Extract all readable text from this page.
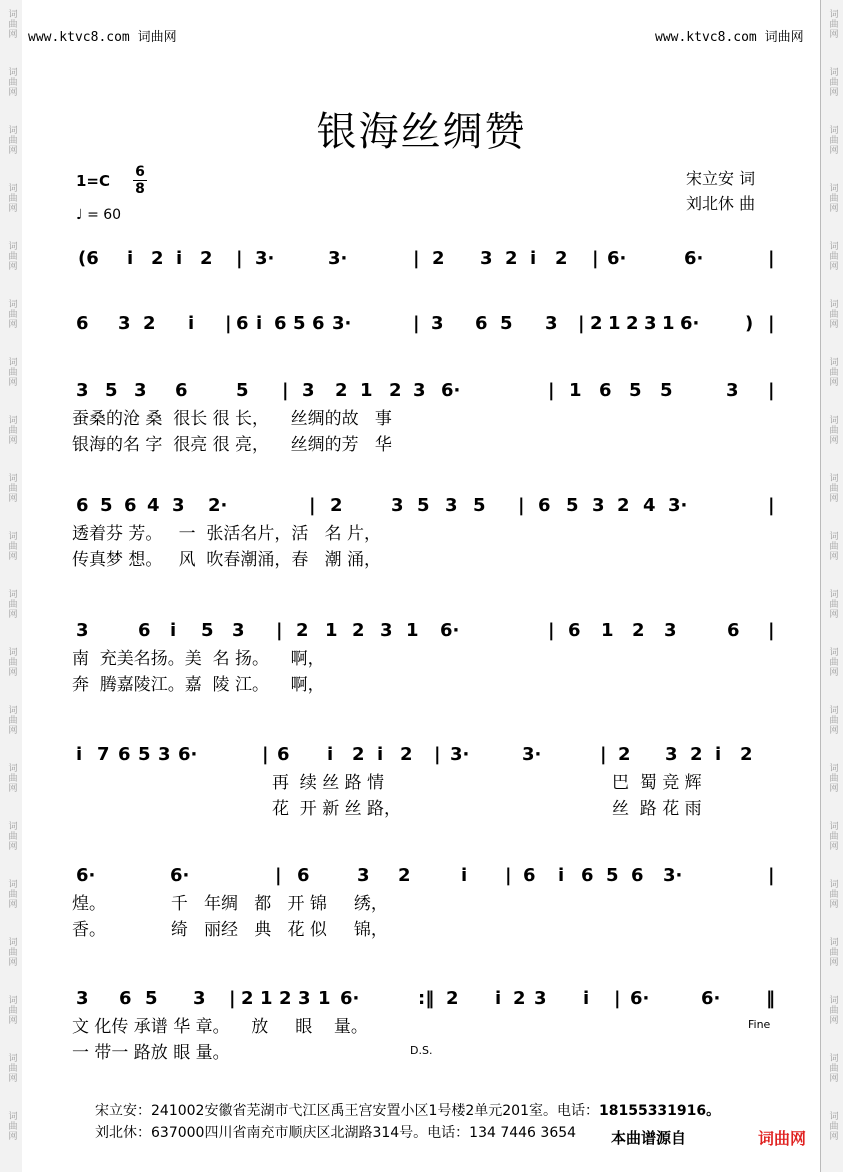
词
曲
网
词
曲
网
词
曲
网
词
曲
网
词
曲
网
词
曲
网
词
曲
网
词
曲
网
词
曲
网
词
曲
网
词
曲
网
词
曲
网
词
曲
网
词
曲
网
词
曲
网
词
曲
网
词
曲
网
词
曲
网
词
曲
网
词
曲
网
词
曲
网
词
曲
网
词
曲
网
词
曲
网
词
曲
网
词
曲
网
词
曲
网
词
曲
网
词
曲
网
词
曲
网
词
曲
网
词
曲
网
词
曲
网
词
曲
网
词
曲
网
词
曲
网
词
曲
网
词
曲
网
词
曲
网
词
曲
网
www.ktvc8.com 词曲网	www.ktvc8.com 词曲网
银海丝绸赞
1=C 6
8
♩ = 60
宋立安 词
刘北休 曲
(6 i 2 i 2 | 3·	3·	| 2 3 2 i 2 | 6·	6·	|
6 3 2 i | 6 i 6 5 6 3·	| 3 6 5 3 | 2 1 2 3 1 6·	) |
3 5 3 6	5 | 3 2 1 2 3 6·	| 1 6 5 5	3 |
蚕桑的沧 桑  很长 很 长，    丝绸的故   事
银海的名 字  很亮 很 亮，    丝绸的芳   华
6 5 6 4 3 2·	| 2	3 5 3 5 | 6 5 3 2 4 3·	|
透着芬 芳。   一  张活名片，活   名 片，
传真梦 想。   风  吹春潮涌，春   潮 涌，
3	6 i 5 3 | 2 1 2 3 1 6·	| 6 1 2 3	6 |
南  充美名扬。美  名 扬。    啊，
奔  腾嘉陵江。嘉  陵 江。    啊，
i 7 6 5 3 6·	| 6 i 2 i 2 | 3·	3·	| 2 3 2 i 2
再  续 丝 路 情
花  开 新 丝 路，
巴  蜀 竞 辉
丝  路 花 雨
6·	6·	| 6	3 2	i | 6 i 6 5 6 3·	|
煌。            千   年绸   都   开 锦     绣，
香。            绮   丽经   典   花 似     锦，
3 6 5 3 | 2 1 2 3 1 6·	:‖ 2 i 2 3 i | 6·	6·	‖
文 化传 承谱 华 章。    放     眼    量。
一 带一 路放 眼 量。
Fine
D.S.
宋立安：241002安徽省芜湖市弋江区禹王宫安置小区1号楼2单元201室。电话：18155331916。
刘北休：637000四川省南充市顺庆区北湖路314号。电话：134 7446 3654 本曲谱源自	词曲网
